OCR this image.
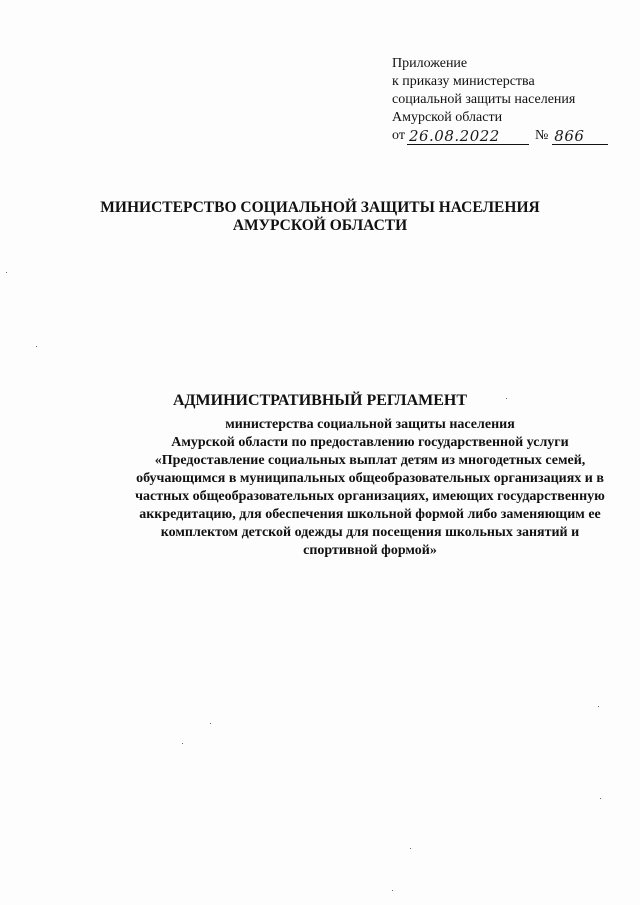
Приложение
к приказу министерства
социальной защиты населения
Амурской области
от 26.08.2022	№ 866
МИНИСТЕРСТВО СОЦИАЛЬНОЙ ЗАЩИТЫ НАСЕЛЕНИЯ
АМУРСКОЙ ОБЛАСТИ
АДМИНИСТРАТИВНЫЙ РЕГЛАМЕНТ
министерства социальной защиты населения
Амурской области по предоставлению государственной услуги
«Предоставление социальных выплат детям из многодетных семей,
обучающимся в муниципальных общеобразовательных организациях и в
частных общеобразовательных организациях, имеющих государственную
аккредитацию, для обеспечения школьной формой либо заменяющим ее
комплектом детской одежды для посещения школьных занятий и
спортивной формой»
